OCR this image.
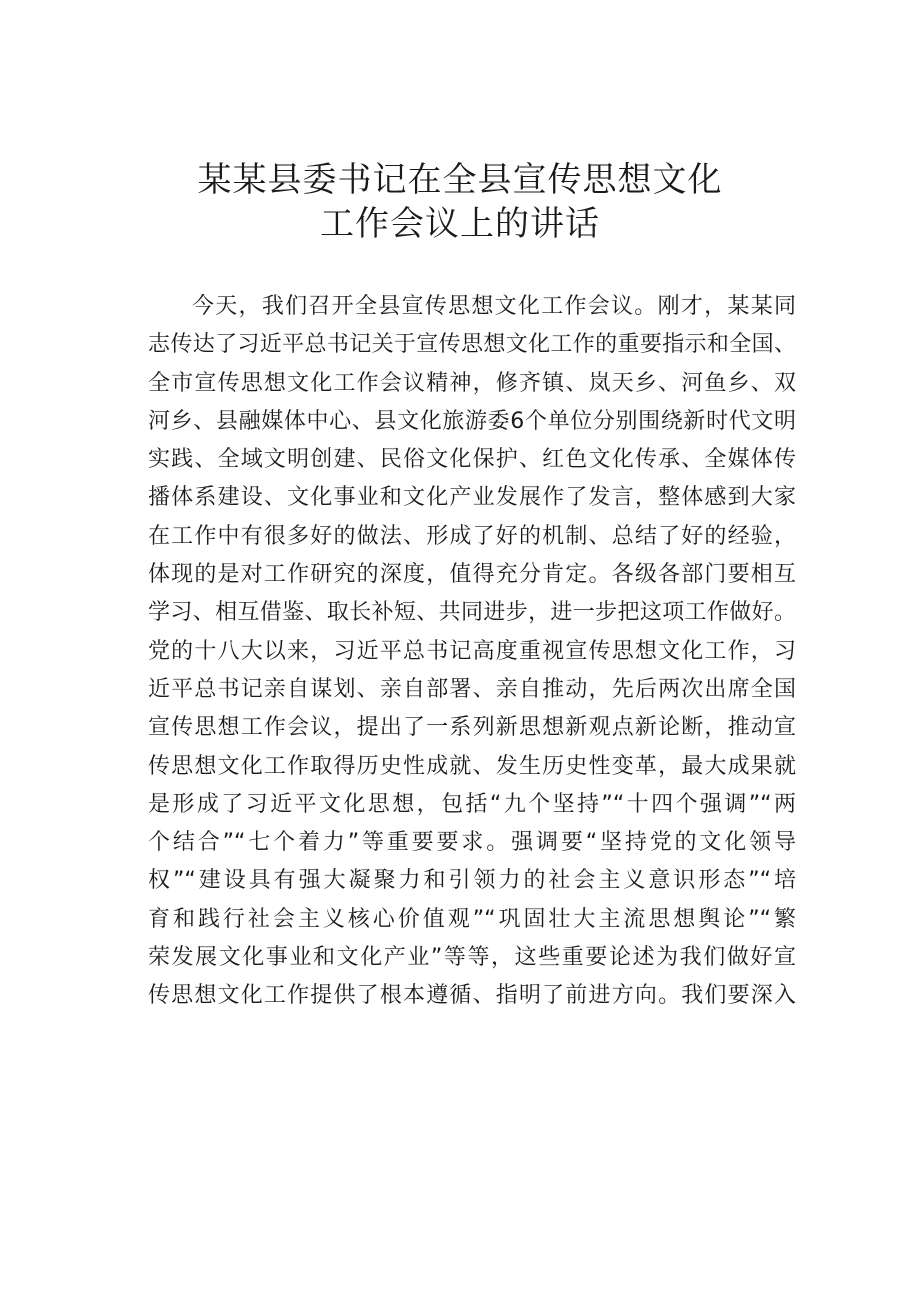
某某县委书记在全县宣传思想文化
工作会议上的讲话
今天，我们召开全县宣传思想文化工作会议。刚才，某某同
志传达了习近平总书记关于宣传思想文化工作的重要指示和全国、
全市宣传思想文化工作会议精神，修齐镇、岚天乡、河鱼乡、双
河乡、县融媒体中心、县文化旅游委6个单位分别围绕新时代文明
实践、全域文明创建、民俗文化保护、红色文化传承、全媒体传
播体系建设、文化事业和文化产业发展作了发言，整体感到大家
在工作中有很多好的做法、形成了好的机制、总结了好的经验，
体现的是对工作研究的深度，值得充分肯定。各级各部门要相互
学习、相互借鉴、取长补短、共同进步，进一步把这项工作做好。
党的十八大以来，习近平总书记高度重视宣传思想文化工作，习
近平总书记亲自谋划、亲自部署、亲自推动，先后两次出席全国
宣传思想工作会议，提出了一系列新思想新观点新论断，推动宣
传思想文化工作取得历史性成就、发生历史性变革，最大成果就
是形成了习近平文化思想，包括“九个坚持”“十四个强调”“两
个结合”“七个着力”等重要要求。强调要“坚持党的文化领导
权”“建设具有强大凝聚力和引领力的社会主义意识形态”“培
育和践行社会主义核心价值观”“巩固壮大主流思想舆论”“繁
荣发展文化事业和文化产业”等等，这些重要论述为我们做好宣
传思想文化工作提供了根本遵循、指明了前进方向。我们要深入
